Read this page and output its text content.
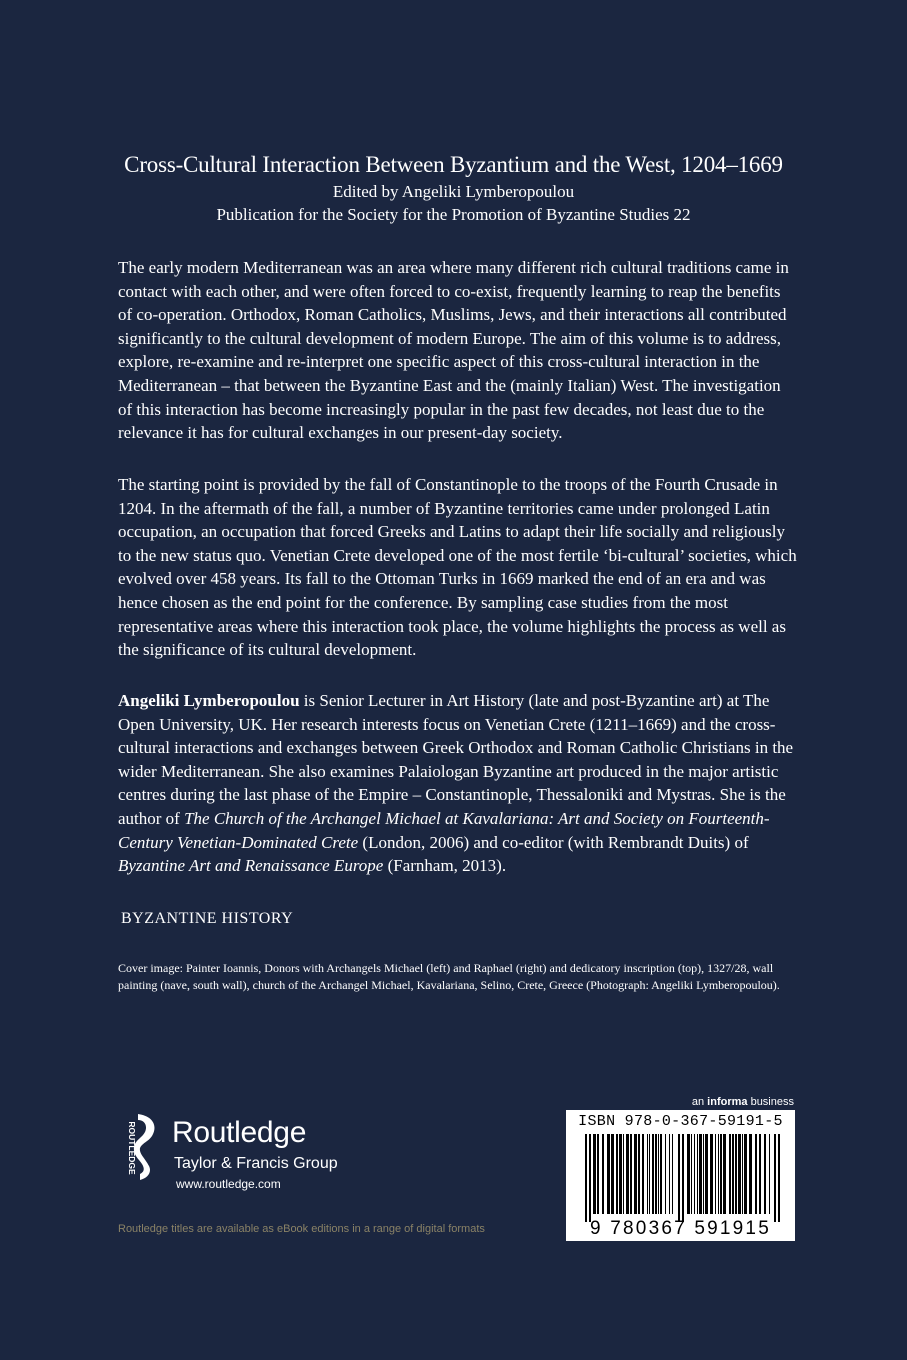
Cross-Cultural Interaction Between Byzantium and the West, 1204–1669
Edited by Angeliki Lymberopoulou
Publication for the Society for the Promotion of Byzantine Studies 22
The early modern Mediterranean was an area where many different rich cultural traditions came in contact with each other, and were often forced to co-exist, frequently learning to reap the benefits of co-operation. Orthodox, Roman Catholics, Muslims, Jews, and their interactions all contributed significantly to the cultural development of modern Europe. The aim of this volume is to address, explore, re-examine and re-interpret one specific aspect of this cross-cultural interaction in the Mediterranean – that between the Byzantine East and the (mainly Italian) West. The investigation of this interaction has become increasingly popular in the past few decades, not least due to the relevance it has for cultural exchanges in our present-day society.
The starting point is provided by the fall of Constantinople to the troops of the Fourth Crusade in 1204. In the aftermath of the fall, a number of Byzantine territories came under prolonged Latin occupation, an occupation that forced Greeks and Latins to adapt their life socially and religiously to the new status quo. Venetian Crete developed one of the most fertile ‘bi-cultural’ societies, which evolved over 458 years. Its fall to the Ottoman Turks in 1669 marked the end of an era and was hence chosen as the end point for the conference. By sampling case studies from the most representative areas where this interaction took place, the volume highlights the process as well as the significance of its cultural development.
Angeliki Lymberopoulou is Senior Lecturer in Art History (late and post-Byzantine art) at The Open University, UK. Her research interests focus on Venetian Crete (1211–1669) and the cross-cultural interactions and exchanges between Greek Orthodox and Roman Catholic Christians in the wider Mediterranean. She also examines Palaiologan Byzantine art produced in the major artistic centres during the last phase of the Empire – Constantinople, Thessaloniki and Mystras. She is the author of The Church of the Archangel Michael at Kavalariana: Art and Society on Fourteenth-Century Venetian-Dominated Crete (London, 2006) and co-editor (with Rembrandt Duits) of Byzantine Art and Renaissance Europe (Farnham, 2013).
BYZANTINE HISTORY
Cover image: Painter Ioannis, Donors with Archangels Michael (left) and Raphael (right) and dedicatory inscription (top), 1327/28, wall painting (nave, south wall), church of the Archangel Michael, Kavalariana, Selino, Crete, Greece (Photograph: Angeliki Lymberopoulou).
ROUTLEDGE Routledge
Taylor & Francis Group
www.routledge.com
an informa business
ISBN 978-0-367-59191-5
9 780367 591915
Routledge titles are available as eBook editions in a range of digital formats
